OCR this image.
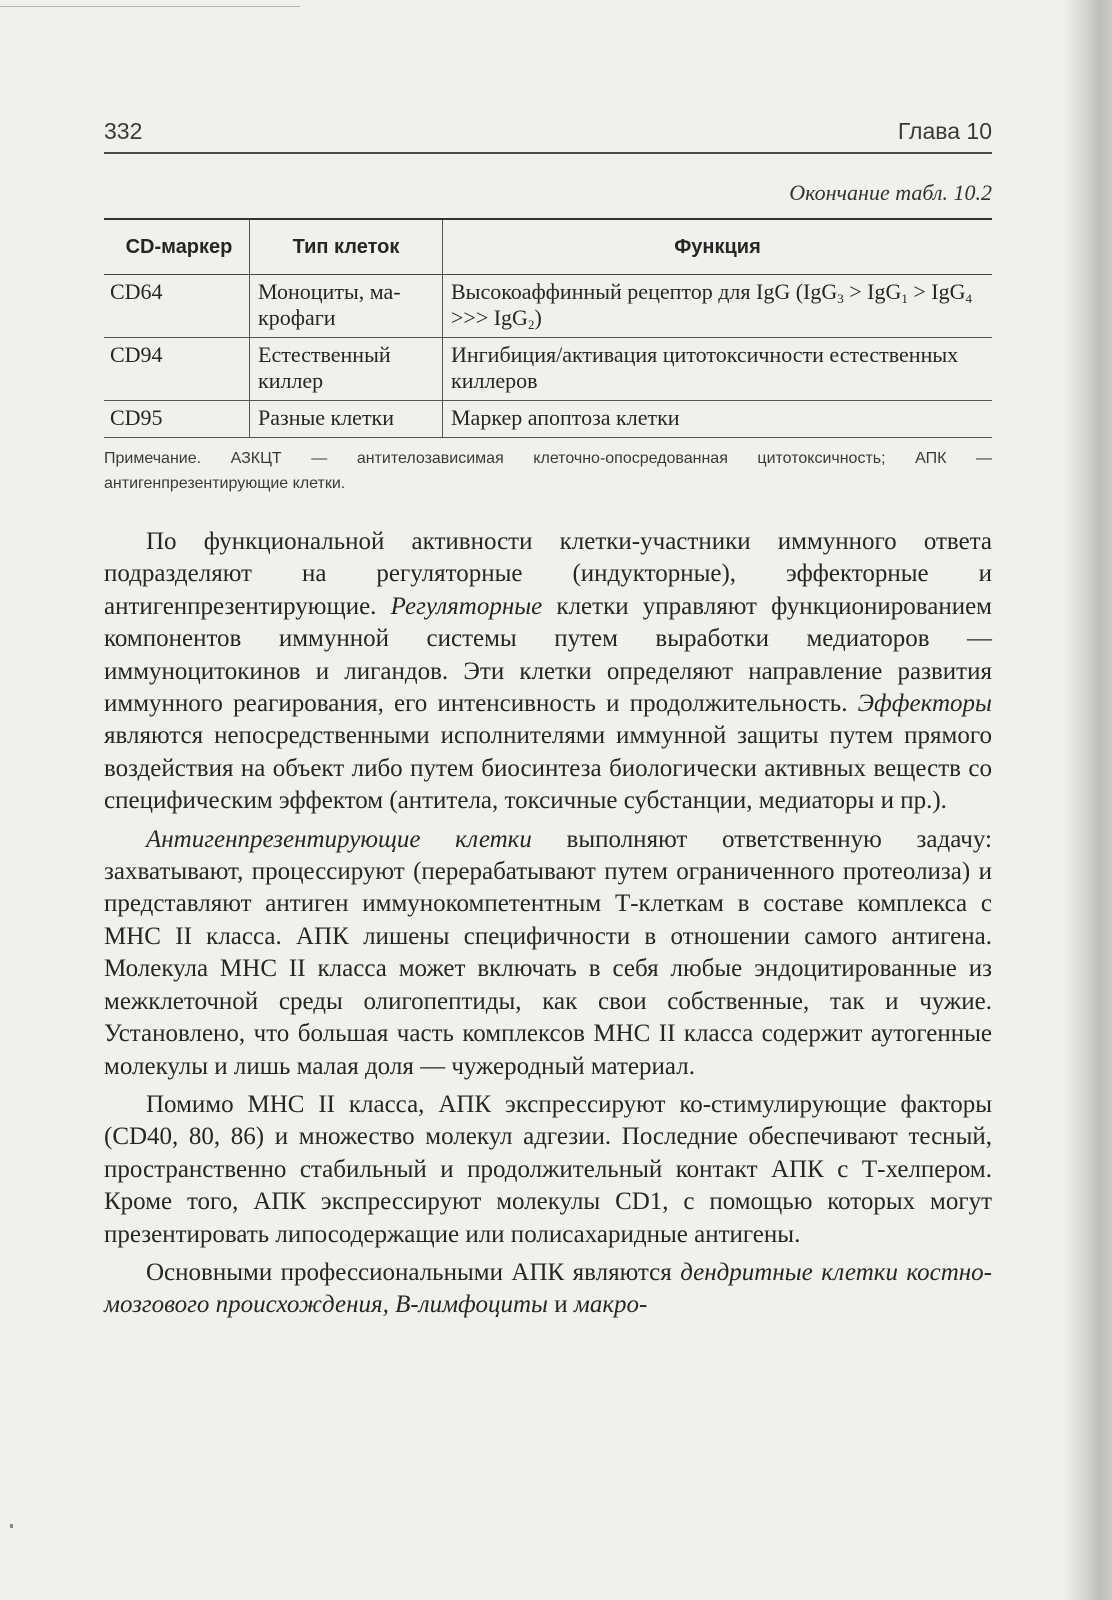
332	Глава 10
Окончание табл. 10.2
CD-маркер	Тип клеток	Функция
CD64	Моноциты, ма-крофаги	Высокоаффинный рецептор для IgG (IgG$_3$ > IgG$_1$ > IgG$_4$ >>> IgG$_2$)
CD94	Естественный киллер	Ингибиция/активация цитотоксичности естественных киллеров
CD95	Разные клетки	Маркер апоптоза клетки
Примечание. АЗКЦТ — антителозависимая клеточно-опосредованная цитотоксичность; АПК — антигенпрезентирующие клетки.

По функциональной активности клетки-участники иммунного ответа подразделяют на регуляторные (индукторные), эффекторные и антигенпрезентирующие. Регуляторные клетки управляют функционированием компонентов иммунной системы путем выработки медиаторов — иммуноцитокинов и лигандов. Эти клетки определяют направление развития иммунного реагирования, его интенсивность и продолжительность. Эффекторы являются непосредственными исполнителями иммунной защиты путем прямого воздействия на объект либо путем биосинтеза биологически активных веществ со специфическим эффектом (антитела, токсичные субстанции, медиаторы и пр.).

Антигенпрезентирующие клетки выполняют ответственную задачу: захватывают, процессируют (перерабатывают путем ограниченного протеолиза) и представляют антиген иммунокомпетентным Т-клеткам в составе комплекса с МНС II класса. АПК лишены специфичности в отношении самого антигена. Молекула МНС II класса может включать в себя любые эндоцитированные из межклеточной среды олигопептиды, как свои собственные, так и чужие. Установлено, что большая часть комплексов МНС II класса содержит аутогенные молекулы и лишь малая доля — чужеродный материал.

Помимо МНС II класса, АПК экспрессируют ко-стимулирующие факторы (CD40, 80, 86) и множество молекул адгезии. Последние обеспечивают тесный, пространственно стабильный и продолжительный контакт АПК с Т-хелпером. Кроме того, АПК экспрессируют молекулы CD1, с помощью которых могут презентировать липосодержащие или полисахаридные антигены.

Основными профессиональными АПК являются дендритные клетки костно-мозгового происхождения, В-лимфоциты и макро-
